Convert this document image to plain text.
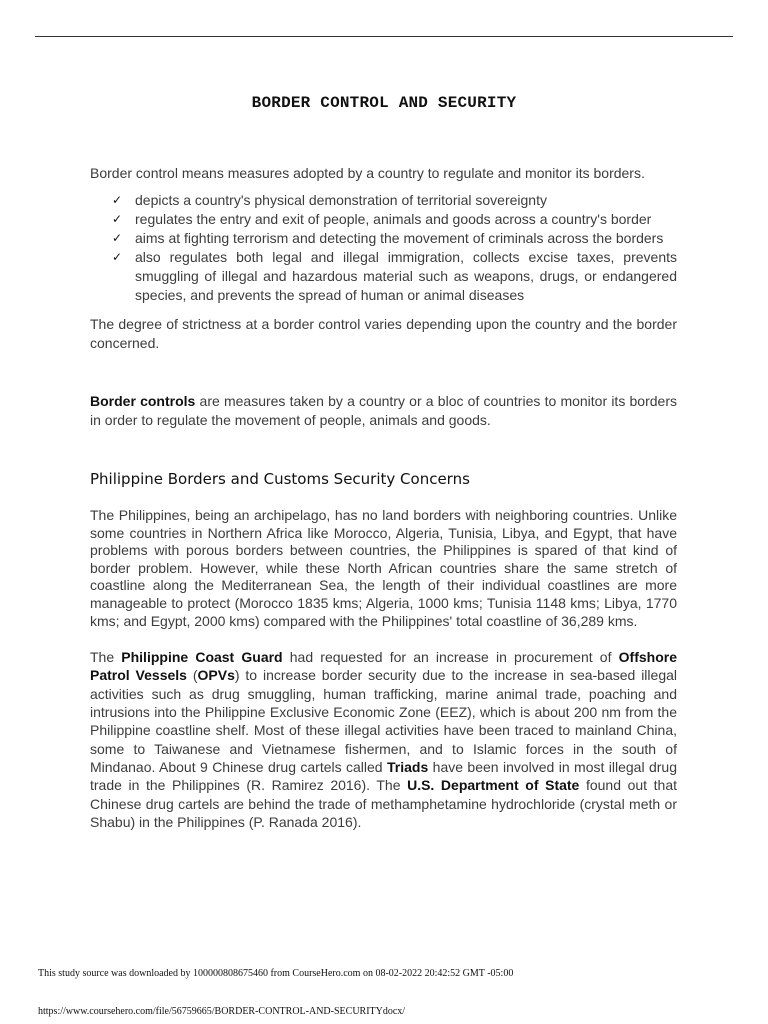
BORDER CONTROL AND SECURITY

Border control means measures adopted by a country to regulate and monitor its borders.

✓ depicts a country's physical demonstration of territorial sovereignty
✓ regulates the entry and exit of people, animals and goods across a country's border
✓ aims at fighting terrorism and detecting the movement of criminals across the borders
✓ also regulates both legal and illegal immigration, collects excise taxes, prevents smuggling of illegal and hazardous material such as weapons, drugs, or endangered species, and prevents the spread of human or animal diseases

The degree of strictness at a border control varies depending upon the country and the border concerned.

Border controls are measures taken by a country or a bloc of countries to monitor its borders in order to regulate the movement of people, animals and goods.

Philippine Borders and Customs Security Concerns

The Philippines, being an archipelago, has no land borders with neighboring countries. Unlike some countries in Northern Africa like Morocco, Algeria, Tunisia, Libya, and Egypt, that have problems with porous borders between countries, the Philippines is spared of that kind of border problem. However, while these North African countries share the same stretch of coastline along the Mediterranean Sea, the length of their individual coastlines are more manageable to protect (Morocco 1835 kms; Algeria, 1000 kms; Tunisia 1148 kms; Libya, 1770 kms; and Egypt, 2000 kms) compared with the Philippines' total coastline of 36,289 kms.

The Philippine Coast Guard had requested for an increase in procurement of Offshore Patrol Vessels (OPVs) to increase border security due to the increase in sea-based illegal activities such as drug smuggling, human trafficking, marine animal trade, poaching and intrusions into the Philippine Exclusive Economic Zone (EEZ), which is about 200 nm from the Philippine coastline shelf. Most of these illegal activities have been traced to mainland China, some to Taiwanese and Vietnamese fishermen, and to Islamic forces in the south of Mindanao. About 9 Chinese drug cartels called Triads have been involved in most illegal drug trade in the Philippines (R. Ramirez 2016). The U.S. Department of State found out that Chinese drug cartels are behind the trade of methamphetamine hydrochloride (crystal meth or Shabu) in the Philippines (P. Ranada 2016).

This study source was downloaded by 100000808675460 from CourseHero.com on 08-02-2022 20:42:52 GMT -05:00
https://www.coursehero.com/file/56759665/BORDER-CONTROL-AND-SECURITYdocx/
